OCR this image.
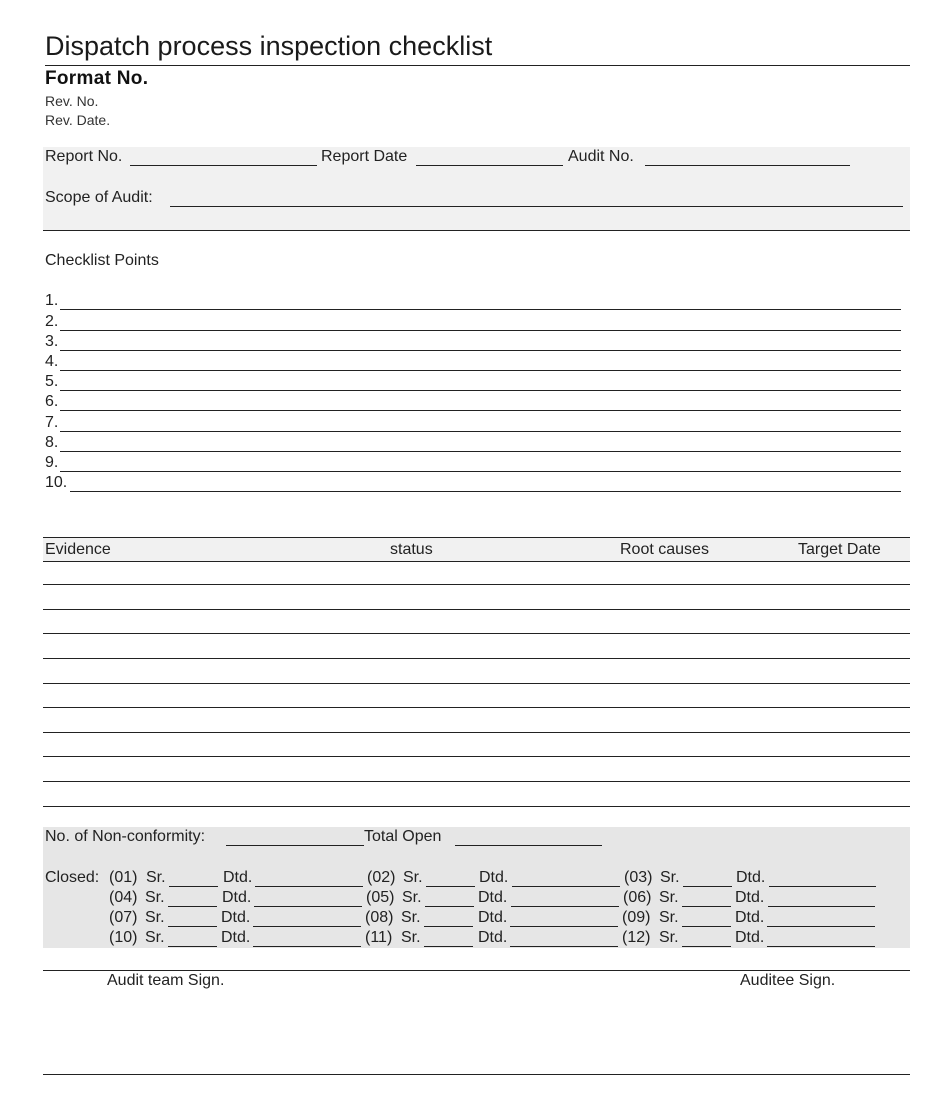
Dispatch process inspection checklist
Format No.
Rev. No.
Rev. Date.
Report No.	Report Date	Audit No.
Scope of Audit:
Checklist Points
1.
2.
3.
4.
5.
6.
7.
8.
9.
10.
Evidence	status	Root causes	Target Date
No. of Non-conformity:	Total Open
Closed: (01) Sr.	Dtd.	(02) Sr.	Dtd.	(03) Sr.	Dtd.
(04) Sr.	Dtd.	(05) Sr.	Dtd.	(06) Sr.	Dtd.
(07) Sr.	Dtd.	(08) Sr.	Dtd.	(09) Sr.	Dtd.
(10) Sr.	Dtd.	(11) Sr.	Dtd.	(12) Sr.	Dtd.
Audit team Sign.	Auditee Sign.
